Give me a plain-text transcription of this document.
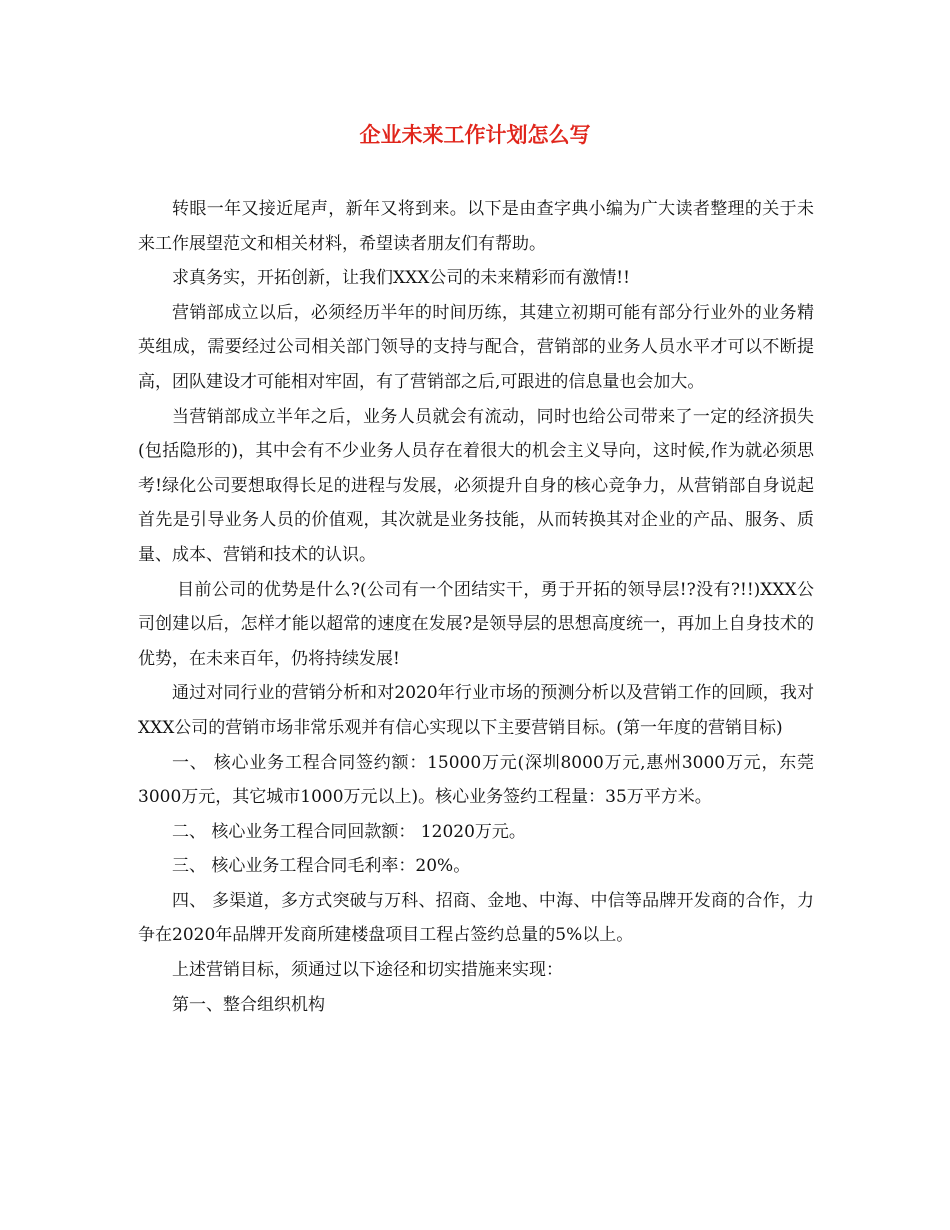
企业未来工作计划怎么写

转眼一年又接近尾声，新年又将到来。以下是由查字典小编为广大读者整理的关于未来工作展望范文和相关材料，希望读者朋友们有帮助。

求真务实，开拓创新，让我们XXX公司的未来精彩而有激情!!

营销部成立以后，必须经历半年的时间历练，其建立初期可能有部分行业外的业务精英组成，需要经过公司相关部门领导的支持与配合，营销部的业务人员水平才可以不断提高，团队建设才可能相对牢固，有了营销部之后,可跟进的信息量也会加大。

当营销部成立半年之后，业务人员就会有流动，同时也给公司带来了一定的经济损失(包括隐形的)，其中会有不少业务人员存在着很大的机会主义导向，这时候,作为就必须思考!绿化公司要想取得长足的进程与发展，必须提升自身的核心竞争力，从营销部自身说起首先是引导业务人员的价值观，其次就是业务技能，从而转换其对企业的产品、服务、质量、成本、营销和技术的认识。

目前公司的优势是什么?(公司有一个团结实干，勇于开拓的领导层!?没有?!!)XXX公司创建以后，怎样才能以超常的速度在发展?是领导层的思想高度统一，再加上自身技术的优势，在未来百年，仍将持续发展!

通过对同行业的营销分析和对2020年行业市场的预测分析以及营销工作的回顾，我对XXX公司的营销市场非常乐观并有信心实现以下主要营销目标。(第一年度的营销目标)

一、 核心业务工程合同签约额：15000万元(深圳8000万元,惠州3000万元，东莞3000万元，其它城市1000万元以上)。核心业务签约工程量：35万平方米。

二、 核心业务工程合同回款额： 12020万元。

三、 核心业务工程合同毛利率：20%。

四、 多渠道，多方式突破与万科、招商、金地、中海、中信等品牌开发商的合作，力争在2020年品牌开发商所建楼盘项目工程占签约总量的5%以上。

上述营销目标，须通过以下途径和切实措施来实现：

第一、整合组织机构
